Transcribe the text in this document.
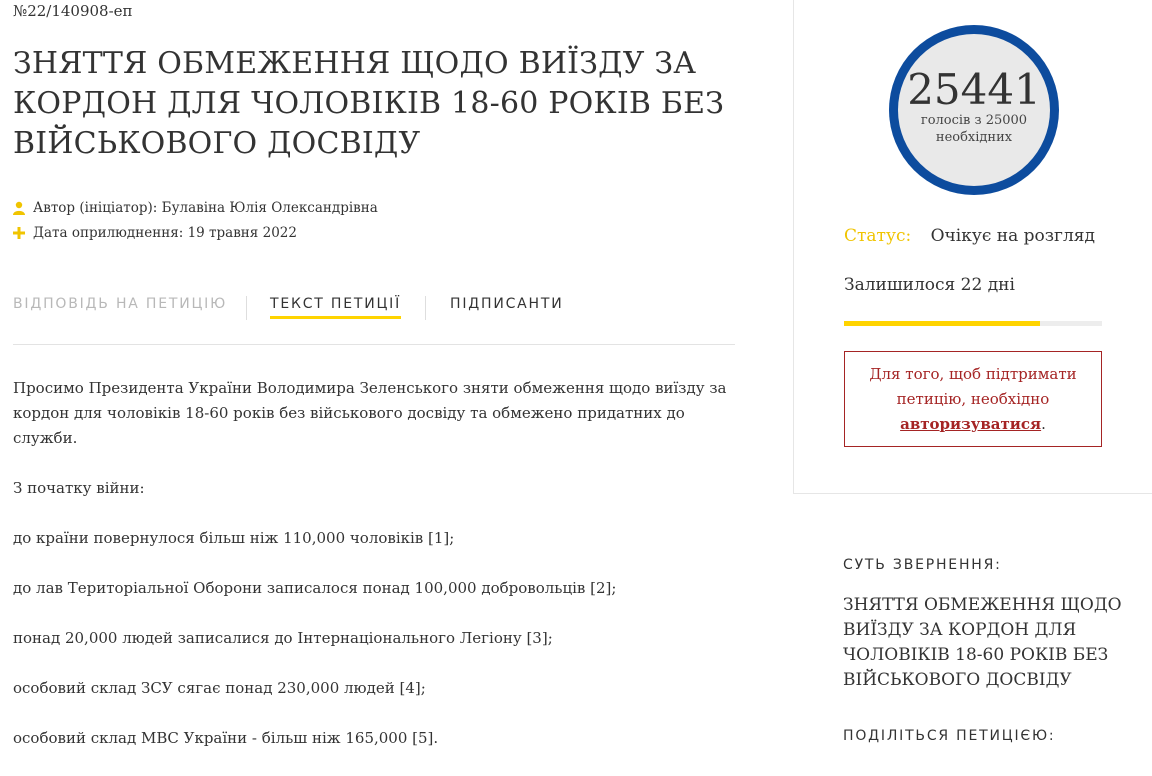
№22/140908-еп
ЗНЯТТЯ ОБМЕЖЕННЯ ЩОДО ВИЇЗДУ ЗА КОРДОН ДЛЯ ЧОЛОВІКІВ 18-60 РОКІВ БЕЗ ВІЙСЬКОВОГО ДОСВІДУ
Автор (ініціатор): Булавіна Юлія Олександрівна
Дата оприлюднення: 19 травня 2022
ВІДПОВІДЬ НА ПЕТИЦІЮ	ТЕКСТ ПЕТИЦІЇ	ПІДПИСАНТИ

Просимо Президента України Володимира Зеленського зняти обмеження щодо виїзду за кордон для чоловіків 18-60 років без військового досвіду та обмежено придатних до служби.

З початку війни:

до країни повернулося більш ніж 110,000 чоловіків [1];

до лав Територіальної Оборони записалося понад 100,000 добровольців [2];

понад 20,000 людей записалися до Інтернаціонального Легіону [3];

особовий склад ЗСУ сягає понад 230,000 людей [4];

особовий склад МВС України - більш ніж 165,000 [5].

25441
голосів з 25000 необхідних
Статус: Очікує на розгляд
Залишилося 22 дні
Для того, щоб підтримати петицію, необхідно авторизуватися.
СУТЬ ЗВЕРНЕННЯ:
ЗНЯТТЯ ОБМЕЖЕННЯ ЩОДО ВИЇЗДУ ЗА КОРДОН ДЛЯ ЧОЛОВІКІВ 18-60 РОКІВ БЕЗ ВІЙСЬКОВОГО ДОСВІДУ
ПОДІЛІТЬСЯ ПЕТИЦІЄЮ:
